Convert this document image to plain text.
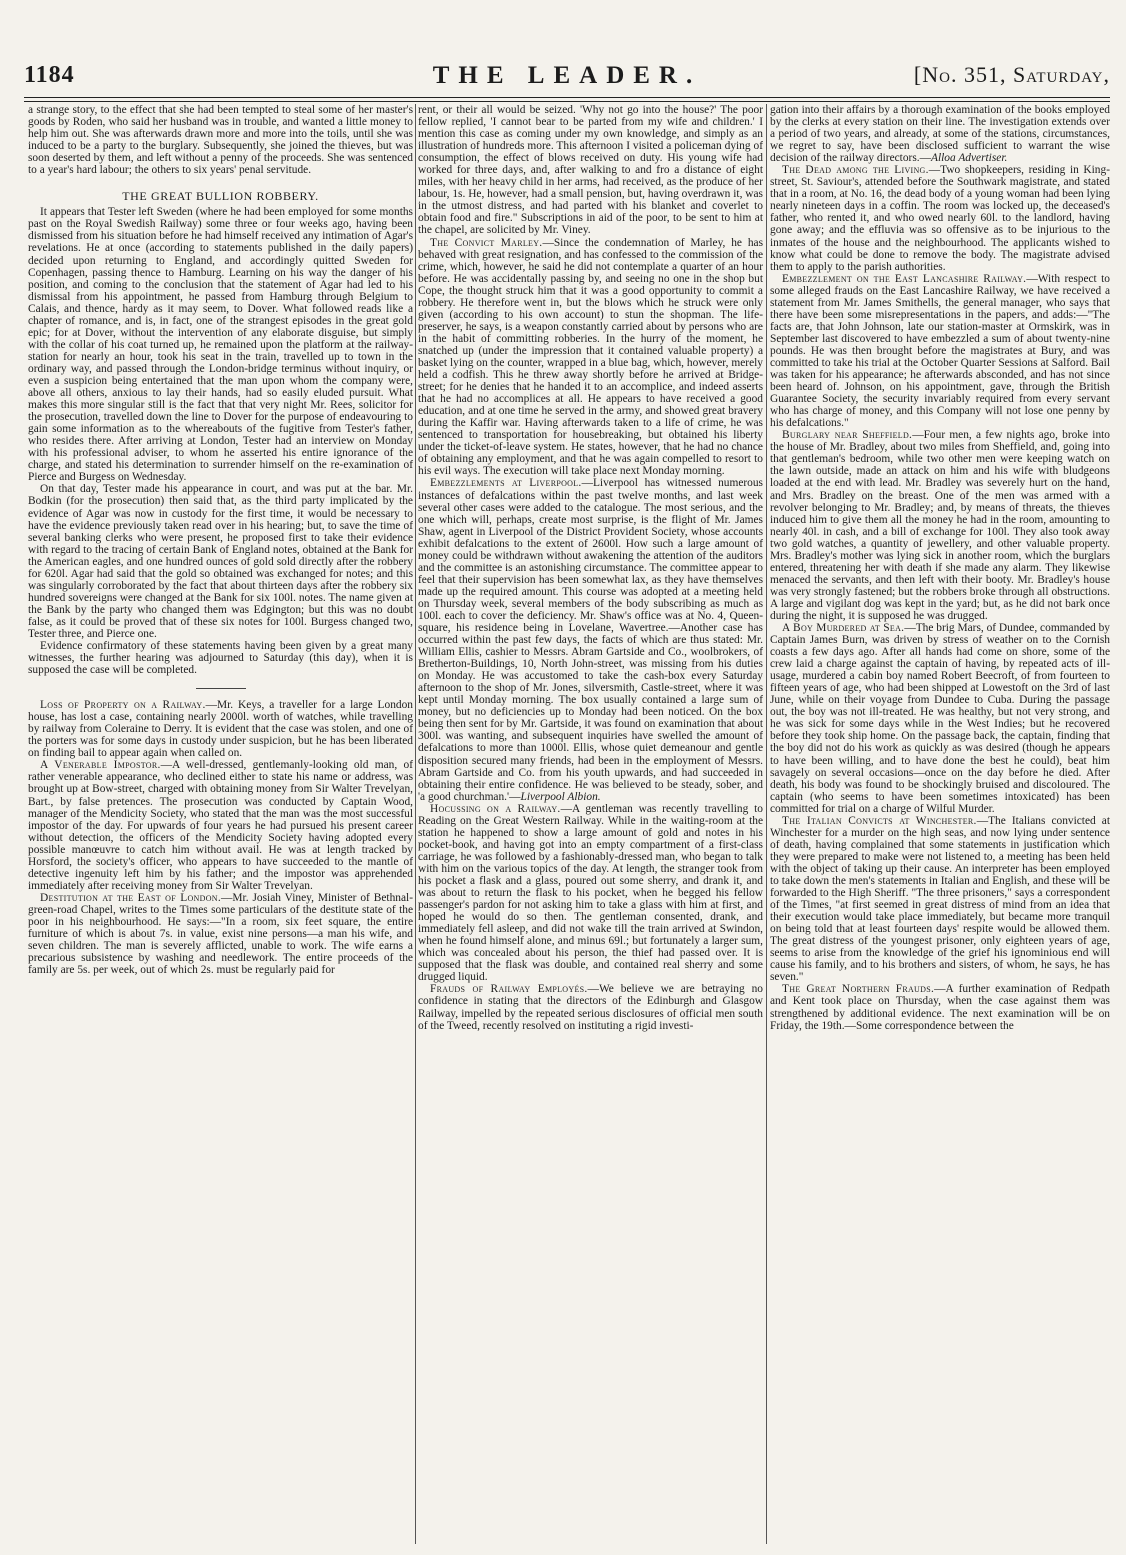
1184	THE LEADER.	[No. 351, Saturday,

a strange story, to the effect that she had been tempted to steal some of her master's goods by Roden, who said her husband was in trouble, and wanted a little money to help him out. She was afterwards drawn more and more into the toils, until she was induced to be a party to the burglary. Subsequently, she joined the thieves, but was soon deserted by them, and left without a penny of the proceeds. She was sentenced to a year's hard labour; the others to six years' penal servitude.

THE GREAT BULLION ROBBERY.

It appears that Tester left Sweden (where he had been employed for some months past on the Royal Swedish Railway) some three or four weeks ago, having been dismissed from his situation before he had himself received any intimation of Agar's revelations. He at once (according to statements published in the daily papers) decided upon returning to England, and accordingly quitted Sweden for Copenhagen, passing thence to Hamburg. Learning on his way the danger of his position, and coming to the conclusion that the statement of Agar had led to his dismissal from his appointment, he passed from Hamburg through Belgium to Calais, and thence, hardy as it may seem, to Dover. What followed reads like a chapter of romance, and is, in fact, one of the strangest episodes in the great gold epic; for at Dover, without the intervention of any elaborate disguise, but simply with the collar of his coat turned up, he remained upon the platform at the railway-station for nearly an hour, took his seat in the train, travelled up to town in the ordinary way, and passed through the London-bridge terminus without inquiry, or even a suspicion being entertained that the man upon whom the company were, above all others, anxious to lay their hands, had so easily eluded pursuit. What makes this more singular still is the fact that that very night Mr. Rees, solicitor for the prosecution, travelled down the line to Dover for the purpose of endeavouring to gain some information as to the whereabouts of the fugitive from Tester's father, who resides there. After arriving at London, Tester had an interview on Monday with his professional adviser, to whom he asserted his entire ignorance of the charge, and stated his determination to surrender himself on the re-examination of Pierce and Burgess on Wednesday.

On that day, Tester made his appearance in court, and was put at the bar. Mr. Bodkin (for the prosecution) then said that, as the third party implicated by the evidence of Agar was now in custody for the first time, it would be necessary to have the evidence previously taken read over in his hearing; but, to save the time of several banking clerks who were present, he proposed first to take their evidence with regard to the tracing of certain Bank of England notes, obtained at the Bank for the American eagles, and one hundred ounces of gold sold directly after the robbery for 620l. Agar had said that the gold so obtained was exchanged for notes; and this was singularly corroborated by the fact that about thirteen days after the robbery six hundred sovereigns were changed at the Bank for six 100l. notes. The name given at the Bank by the party who changed them was Edgington; but this was no doubt false, as it could be proved that of these six notes for 100l. Burgess changed two, Tester three, and Pierce one.

Evidence confirmatory of these statements having been given by a great many witnesses, the further hearing was adjourned to Saturday (this day), when it is supposed the case will be completed.

Loss of Property on a Railway.—Mr. Keys, a traveller for a large London house, has lost a case, containing nearly 2000l. worth of watches, while travelling by railway from Coleraine to Derry. It is evident that the case was stolen, and one of the porters was for some days in custody under suspicion, but he has been liberated on finding bail to appear again when called on.

A Venerable Impostor.—A well-dressed, gentlemanly-looking old man, of rather venerable appearance, who declined either to state his name or address, was brought up at Bow-street, charged with obtaining money from Sir Walter Trevelyan, Bart., by false pretences. The prosecution was conducted by Captain Wood, manager of the Mendicity Society, who stated that the man was the most successful impostor of the day. For upwards of four years he had pursued his present career without detection, the officers of the Mendicity Society having adopted every possible manœuvre to catch him without avail. He was at length tracked by Horsford, the society's officer, who appears to have succeeded to the mantle of detective ingenuity left him by his father; and the impostor was apprehended immediately after receiving money from Sir Walter Trevelyan.

Destitution at the East of London.—Mr. Josiah Viney, Minister of Bethnal-green-road Chapel, writes to the Times some particulars of the destitute state of the poor in his neighbourhood. He says:—"In a room, six feet square, the entire furniture of which is about 7s. in value, exist nine persons—a man his wife, and seven children. The man is severely afflicted, unable to work. The wife earns a precarious subsistence by washing and needlework. The entire proceeds of the family are 5s. per week, out of which 2s. must be regularly paid for

rent, or their all would be seized. 'Why not go into the house?' The poor fellow replied, 'I cannot bear to be parted from my wife and children.' I mention this case as coming under my own knowledge, and simply as an illustration of hundreds more. This afternoon I visited a policeman dying of consumption, the effect of blows received on duty. His young wife had worked for three days, and, after walking to and fro a distance of eight miles, with her heavy child in her arms, had received, as the produce of her labour, 1s. He, however, had a small pension, but, having overdrawn it, was in the utmost distress, and had parted with his blanket and coverlet to obtain food and fire." Subscriptions in aid of the poor, to be sent to him at the chapel, are solicited by Mr. Viney.

The Convict Marley.—Since the condemnation of Marley, he has behaved with great resignation, and has confessed to the commission of the crime, which, however, he said he did not contemplate a quarter of an hour before. He was accidentally passing by, and seeing no one in the shop but Cope, the thought struck him that it was a good opportunity to commit a robbery. He therefore went in, but the blows which he struck were only given (according to his own account) to stun the shopman. The life-preserver, he says, is a weapon constantly carried about by persons who are in the habit of committing robberies. In the hurry of the moment, he snatched up (under the impression that it contained valuable property) a basket lying on the counter, wrapped in a blue bag, which, however, merely held a codfish. This he threw away shortly before he arrived at Bridge-street; for he denies that he handed it to an accomplice, and indeed asserts that he had no accomplices at all. He appears to have received a good education, and at one time he served in the army, and showed great bravery during the Kaffir war. Having afterwards taken to a life of crime, he was sentenced to transportation for housebreaking, but obtained his liberty under the ticket-of-leave system. He states, however, that he had no chance of obtaining any employment, and that he was again compelled to resort to his evil ways. The execution will take place next Monday morning.

Embezzlements at Liverpool.—Liverpool has witnessed numerous instances of defalcations within the past twelve months, and last week several other cases were added to the catalogue. The most serious, and the one which will, perhaps, create most surprise, is the flight of Mr. James Shaw, agent in Liverpool of the District Provident Society, whose accounts exhibit defalcations to the extent of 2600l. How such a large amount of money could be withdrawn without awakening the attention of the auditors and the committee is an astonishing circumstance. The committee appear to feel that their supervision has been somewhat lax, as they have themselves made up the required amount. This course was adopted at a meeting held on Thursday week, several members of the body subscribing as much as 100l. each to cover the deficiency. Mr. Shaw's office was at No. 4, Queen-square, his residence being in Lovelane, Wavertree.—Another case has occurred within the past few days, the facts of which are thus stated: Mr. William Ellis, cashier to Messrs. Abram Gartside and Co., woolbrokers, of Bretherton-Buildings, 10, North John-street, was missing from his duties on Monday. He was accustomed to take the cash-box every Saturday afternoon to the shop of Mr. Jones, silversmith, Castle-street, where it was kept until Monday morning. The box usually contained a large sum of money, but no deficiencies up to Monday had been noticed. On the box being then sent for by Mr. Gartside, it was found on examination that about 300l. was wanting, and subsequent inquiries have swelled the amount of defalcations to more than 1000l. Ellis, whose quiet demeanour and gentle disposition secured many friends, had been in the employment of Messrs. Abram Gartside and Co. from his youth upwards, and had succeeded in obtaining their entire confidence. He was believed to be steady, sober, and 'a good churchman.'—Liverpool Albion.

Hocussing on a Railway.—A gentleman was recently travelling to Reading on the Great Western Railway. While in the waiting-room at the station he happened to show a large amount of gold and notes in his pocket-book, and having got into an empty compartment of a first-class carriage, he was followed by a fashionably-dressed man, who began to talk with him on the various topics of the day. At length, the stranger took from his pocket a flask and a glass, poured out some sherry, and drank it, and was about to return the flask to his pocket, when he begged his fellow passenger's pardon for not asking him to take a glass with him at first, and hoped he would do so then. The gentleman consented, drank, and immediately fell asleep, and did not wake till the train arrived at Swindon, when he found himself alone, and minus 69l.; but fortunately a larger sum, which was concealed about his person, the thief had passed over. It is supposed that the flask was double, and contained real sherry and some drugged liquid.

Frauds of Railway Employés.—We believe we are betraying no confidence in stating that the directors of the Edinburgh and Glasgow Railway, impelled by the repeated serious disclosures of official men south of the Tweed, recently resolved on instituting a rigid investi-

gation into their affairs by a thorough examination of the books employed by the clerks at every station on their line. The investigation extends over a period of two years, and already, at some of the stations, circumstances, we regret to say, have been disclosed sufficient to warrant the wise decision of the railway directors.—Alloa Advertiser.

The Dead among the Living.—Two shopkeepers, residing in King-street, St. Saviour's, attended before the Southwark magistrate, and stated that in a room, at No. 16, the dead body of a young woman had been lying nearly nineteen days in a coffin. The room was locked up, the deceased's father, who rented it, and who owed nearly 60l. to the landlord, having gone away; and the effluvia was so offensive as to be injurious to the inmates of the house and the neighbourhood. The applicants wished to know what could be done to remove the body. The magistrate advised them to apply to the parish authorities.

Embezzlement on the East Lancashire Railway.—With respect to some alleged frauds on the East Lancashire Railway, we have received a statement from Mr. James Smithells, the general manager, who says that there have been some misrepresentations in the papers, and adds:—"The facts are, that John Johnson, late our station-master at Ormskirk, was in September last discovered to have embezzled a sum of about twenty-nine pounds. He was then brought before the magistrates at Bury, and was committed to take his trial at the October Quarter Sessions at Salford. Bail was taken for his appearance; he afterwards absconded, and has not since been heard of. Johnson, on his appointment, gave, through the British Guarantee Society, the security invariably required from every servant who has charge of money, and this Company will not lose one penny by his defalcations."

Burglary near Sheffield.—Four men, a few nights ago, broke into the house of Mr. Bradley, about two miles from Sheffield, and, going into that gentleman's bedroom, while two other men were keeping watch on the lawn outside, made an attack on him and his wife with bludgeons loaded at the end with lead. Mr. Bradley was severely hurt on the hand, and Mrs. Bradley on the breast. One of the men was armed with a revolver belonging to Mr. Bradley; and, by means of threats, the thieves induced him to give them all the money he had in the room, amounting to nearly 40l. in cash, and a bill of exchange for 100l. They also took away two gold watches, a quantity of jewellery, and other valuable property. Mrs. Bradley's mother was lying sick in another room, which the burglars entered, threatening her with death if she made any alarm. They likewise menaced the servants, and then left with their booty. Mr. Bradley's house was very strongly fastened; but the robbers broke through all obstructions. A large and vigilant dog was kept in the yard; but, as he did not bark once during the night, it is supposed he was drugged.

A Boy Murdered at Sea.—The brig Mars, of Dundee, commanded by Captain James Burn, was driven by stress of weather on to the Cornish coasts a few days ago. After all hands had come on shore, some of the crew laid a charge against the captain of having, by repeated acts of ill-usage, murdered a cabin boy named Robert Beecroft, of from fourteen to fifteen years of age, who had been shipped at Lowestoft on the 3rd of last June, while on their voyage from Dundee to Cuba. During the passage out, the boy was not ill-treated. He was healthy, but not very strong, and he was sick for some days while in the West Indies; but he recovered before they took ship home. On the passage back, the captain, finding that the boy did not do his work as quickly as was desired (though he appears to have been willing, and to have done the best he could), beat him savagely on several occasions—once on the day before he died. After death, his body was found to be shockingly bruised and discoloured. The captain (who seems to have been sometimes intoxicated) has been committed for trial on a charge of Wilful Murder.

The Italian Convicts at Winchester.—The Italians convicted at Winchester for a murder on the high seas, and now lying under sentence of death, having complained that some statements in justification which they were prepared to make were not listened to, a meeting has been held with the object of taking up their cause. An interpreter has been employed to take down the men's statements in Italian and English, and these will be forwarded to the High Sheriff. "The three prisoners," says a correspondent of the Times, "at first seemed in great distress of mind from an idea that their execution would take place immediately, but became more tranquil on being told that at least fourteen days' respite would be allowed them. The great distress of the youngest prisoner, only eighteen years of age, seems to arise from the knowledge of the grief his ignominious end will cause his family, and to his brothers and sisters, of whom, he says, he has seven."

The Great Northern Frauds.—A further examination of Redpath and Kent took place on Thursday, when the case against them was strengthened by additional evidence. The next examination will be on Friday, the 19th.—Some correspondence between the
